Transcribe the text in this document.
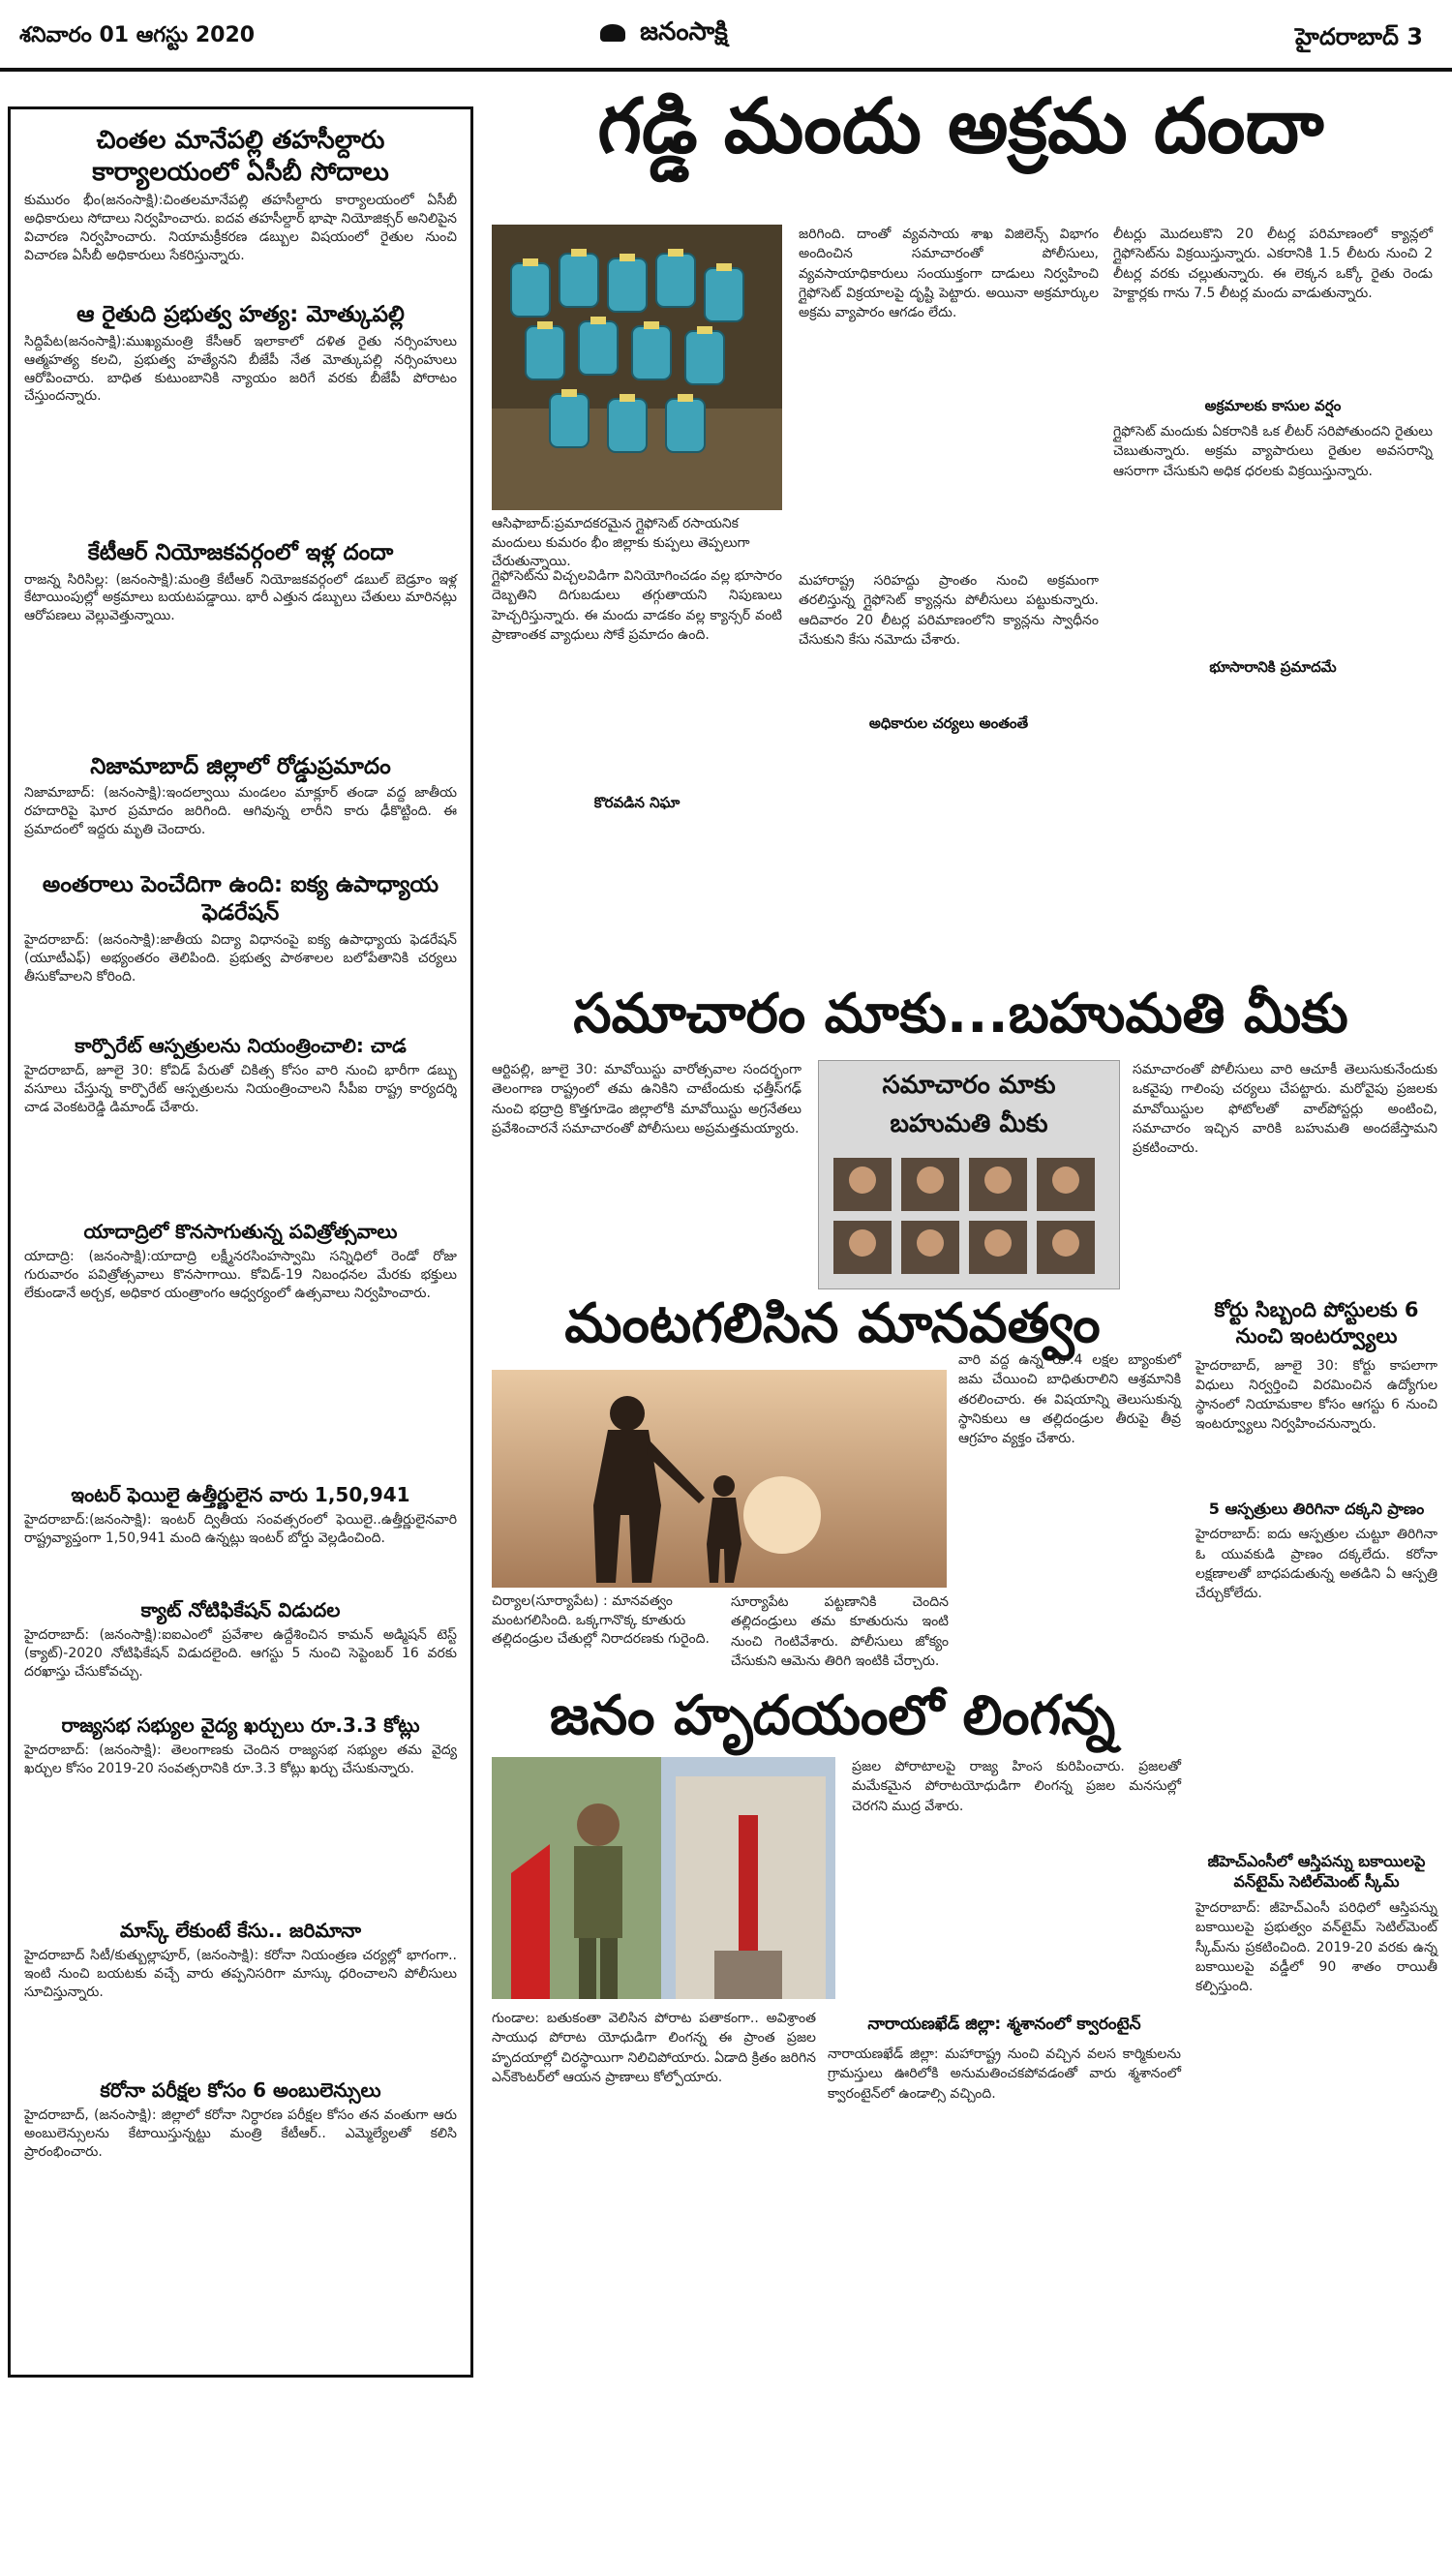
శనివారం 01 ఆగస్టు 2020	జనంసాక్షి	హైదరాబాద్ 3
చింతల మానేపల్లి తహసీల్దారు కార్యాలయంలో ఏసీబీ సోదాలు

కుమురం భీం(జనంసాక్షి):చింతలమానేపల్లి తహసీల్దారు కార్యాలయంలో ఏసీబీ అధికారులు సోదాలు నిర్వహించారు. ఐదవ తహసీల్దార్ భాషా నియోజిక్సర్ అనిలిపైన విచారణ నిర్వహించారు. నియామక్రీకరణ డబ్బుల విషయంలో రైతుల నుంచి విచారణ ఏసీబీ అధికారులు సేకరిస్తున్నారు.

ఆ రైతుది ప్రభుత్వ హత్య: మోత్కుపల్లి

సిద్దిపేట(జనంసాక్షి):ముఖ్యమంత్రి కేసీఆర్ ఇలాకాలో దళిత రైతు నర్సింహులు ఆత్మహత్య కలచి, ప్రభుత్వ హత్యేనని బీజేపీ నేత మోత్కుపల్లి నర్సింహులు ఆరోపించారు. బాధిత కుటుంబానికి న్యాయం జరిగే వరకు బీజేపీ పోరాటం చేస్తుందన్నారు.

కేటీఆర్ నియోజకవర్గంలో ఇళ్ల దందా

రాజన్న సిరిసిల్ల: (జనంసాక్షి):మంత్రి కేటీఆర్ నియోజకవర్గంలో డబుల్ బెడ్రూం ఇళ్ల కేటాయింపుల్లో అక్రమాలు బయటపడ్డాయి. భారీ ఎత్తున డబ్బులు చేతులు మారినట్లు ఆరోపణలు వెల్లువెత్తున్నాయి.

నిజామాబాద్ జిల్లాలో రోడ్డుప్రమాదం

నిజామాబాద్: (జనంసాక్షి):ఇందల్వాయి మండలం మాక్లూర్ తండా వద్ద జాతీయ రహదారిపై ఘోర ప్రమాదం జరిగింది. ఆగివున్న లారీని కారు ఢీకొట్టింది. ఈ ప్రమాదంలో ఇద్దరు మృతి చెందారు.

అంతరాలు పెంచేదిగా ఉంది: ఐక్య ఉపాధ్యాయ ఫెడరేషన్

హైదరాబాద్: (జనంసాక్షి):జాతీయ విద్యా విధానంపై ఐక్య ఉపాధ్యాయ ఫెడరేషన్ (యూటీఎఫ్) అభ్యంతరం తెలిపింది. ప్రభుత్వ పాఠశాలల బలోపేతానికి చర్యలు తీసుకోవాలని కోరింది.

కార్పొరేట్ ఆస్పత్రులను నియంత్రించాలి: చాడ

హైదరాబాద్, జూలై 30: కోవిడ్ పేరుతో చికిత్స కోసం వారి నుంచి భారీగా డబ్బు వసూలు చేస్తున్న కార్పొరేట్ ఆస్పత్రులను నియంత్రించాలని సీపీఐ రాష్ట్ర కార్యదర్శి చాడ వెంకటరెడ్డి డిమాండ్ చేశారు.

యాదాద్రిలో కొనసాగుతున్న పవిత్రోత్సవాలు

యాదాద్రి: (జనంసాక్షి):యాదాద్రి లక్ష్మీనరసింహస్వామి సన్నిధిలో రెండో రోజు గురువారం పవిత్రోత్సవాలు కొనసాగాయి. కోవిడ్-19 నిబంధనల మేరకు భక్తులు లేకుండానే అర్చక, అధికార యంత్రాంగం ఆధ్వర్యంలో ఉత్సవాలు నిర్వహించారు.

ఇంటర్ ఫెయిలై ఉత్తీర్ణులైన వారు 1,50,941

హైదరాబాద్:(జనంసాక్షి): ఇంటర్ ద్వితీయ సంవత్సరంలో ఫెయిలై..ఉత్తీర్ణులైనవారి రాష్ట్రవ్యాప్తంగా 1,50,941 మంది ఉన్నట్లు ఇంటర్ బోర్డు వెల్లడించింది.

క్యాట్ నోటిఫికేషన్ విడుదల

హైదరాబాద్: (జనంసాక్షి):ఐఐఎంలో ప్రవేశాల ఉద్దేశించిన కామన్ అడ్మిషన్ టెస్ట్ (క్యాట్)-2020 నోటిఫికేషన్ విడుదలైంది. ఆగస్టు 5 నుంచి సెప్టెంబర్ 16 వరకు దరఖాస్తు చేసుకోవచ్చు.

రాజ్యసభ సభ్యుల వైద్య ఖర్చులు రూ.3.3 కోట్లు

హైదరాబాద్: (జనంసాక్షి): తెలంగాణకు చెందిన రాజ్యసభ సభ్యుల తమ వైద్య ఖర్చుల కోసం 2019-20 సంవత్సరానికి రూ.3.3 కోట్లు ఖర్చు చేసుకున్నారు.

మాస్క్ లేకుంటే కేసు.. జరిమానా

హైదరాబాద్ సిటీ/కుత్బుల్లాపూర్, (జనంసాక్షి): కరోనా నియంత్రణ చర్యల్లో భాగంగా.. ఇంటి నుంచి బయటకు వచ్చే వారు తప్పనిసరిగా మాస్కు ధరించాలని పోలీసులు సూచిస్తున్నారు.

కరోనా పరీక్షల కోసం 6 అంబులెన్సులు

హైదరాబాద్, (జనంసాక్షి): జిల్లాలో కరోనా నిర్ధారణ పరీక్షల కోసం తన వంతుగా ఆరు అంబులెన్సులను కేటాయిస్తున్నట్టు మంత్రి కేటీఆర్.. ఎమ్మెల్యేలతో కలిసి ప్రారంభించారు.

గడ్డి మందు అక్రమ దందా
ఆసిఫాబాద్:ప్రమాదకరమైన గ్లైఫోసెట్ రసాయనిక మందులు కుమరం భీం జిల్లాకు కుప్పలు తెప్పలుగా చేరుతున్నాయి.
జరిగింది. దాంతో వ్యవసాయ శాఖ విజిలెన్స్ విభాగం అందించిన సమాచారంతో పోలీసులు, వ్యవసాయాధికారులు సంయుక్తంగా దాడులు నిర్వహించి గ్లైఫోసెట్ విక్రయాలపై దృష్టి పెట్టారు. అయినా అక్రమార్కుల అక్రమ వ్యాపారం ఆగడం లేదు.
లీటర్లు మొదలుకొని 20 లీటర్ల పరిమాణంలో క్యాన్లలో గ్లైఫోసెట్‌ను విక్రయిస్తున్నారు. ఎకరానికి 1.5 లీటరు నుంచి 2 లీటర్ల వరకు చల్లుతున్నారు. ఈ లెక్కన ఒక్కో రైతు రెండు హెక్టార్లకు గాను 7.5 లీటర్ల మందు వాడుతున్నారు.
అక్రమాలకు కాసుల వర్షం
గ్లైఫోసెట్ మందుకు ఏకరానికి ఒక లీటర్ సరిపోతుందని రైతులు చెబుతున్నారు. అక్రమ వ్యాపారులు రైతుల అవసరాన్ని ఆసరాగా చేసుకుని అధిక ధరలకు విక్రయిస్తున్నారు.
భూసారానికి ప్రమాదమే
గ్లైఫోసెట్‌ను విచ్చలవిడిగా వినియోగించడం వల్ల భూసారం దెబ్బతిని దిగుబడులు తగ్గుతాయని నిపుణులు హెచ్చరిస్తున్నారు. ఈ మందు వాడకం వల్ల క్యాన్సర్ వంటి ప్రాణాంతక వ్యాధులు సోకే ప్రమాదం ఉంది.
మహారాష్ట్ర సరిహద్దు ప్రాంతం నుంచి అక్రమంగా తరలిస్తున్న గ్లైఫోసెట్ క్యాన్లను పోలీసులు పట్టుకున్నారు. ఆదివారం 20 లీటర్ల పరిమాణంలోని క్యాన్లను స్వాధీనం చేసుకుని కేసు నమోదు చేశారు.
అధికారుల చర్యలు అంతంతే
కొరవడిన నిఘా
సమాచారం మాకు...బహుమతి మీకు
ఆర్టిపల్లి, జూలై 30: మావోయిస్టు వారోత్సవాల సందర్భంగా తెలంగాణ రాష్ట్రంలో తమ ఉనికిని చాటేందుకు ఛత్తీస్‌గఢ్ నుంచి భద్రాద్రి కొత్తగూడెం జిల్లాలోకి మావోయిస్టు అగ్రనేతలు ప్రవేశించారనే సమాచారంతో పోలీసులు అప్రమత్తమయ్యారు.
సమాచారం మాకు
బహుమతి మీకు
సమాచారంతో పోలీసులు వారి ఆచూకీ తెలుసుకునేందుకు ఒకవైపు గాలింపు చర్యలు చేపట్టారు. మరోవైపు ప్రజలకు మావోయిస్టుల ఫోటోలతో వాల్‌పోస్టర్లు అంటించి, సమాచారం ఇచ్చిన వారికి బహుమతి అందజేస్తామని ప్రకటించారు.
మంటగలిసిన మానవత్వం
చిర్యాల(సూర్యాపేట) : మానవత్వం మంటగలిసింది. ఒక్కగానొక్క కూతురు తల్లిదండ్రుల చేతుల్లో నిరాదరణకు గురైంది.
సూర్యాపేట పట్టణానికి చెందిన తల్లిదండ్రులు తమ కూతురును ఇంటి నుంచి గెంటివేశారు. పోలీసులు జోక్యం చేసుకుని ఆమెను తిరిగి ఇంటికి చేర్చారు.
వారి వద్ద ఉన్న రూ.4 లక్షల బ్యాంకులో జమ చేయించి బాధితురాలిని ఆశ్రమానికి తరలించారు. ఈ విషయాన్ని తెలుసుకున్న స్థానికులు ఆ తల్లిదండ్రుల తీరుపై తీవ్ర ఆగ్రహం వ్యక్తం చేశారు.
కోర్టు సిబ్బంది పోస్టులకు 6 నుంచి ఇంటర్వ్యూలు
హైదరాబాద్, జూలై 30: కోర్టు కాపలాగా విధులు నిర్వర్తించి విరమించిన ఉద్యోగుల స్థానంలో నియామకాల కోసం ఆగస్టు 6 నుంచి ఇంటర్వ్యూలు నిర్వహించనున్నారు.
5 ఆస్పత్రులు తిరిగినా దక్కని ప్రాణం
హైదరాబాద్: ఐదు ఆస్పత్రుల చుట్టూ తిరిగినా ఓ యువకుడి ప్రాణం దక్కలేదు. కరోనా లక్షణాలతో బాధపడుతున్న అతడిని ఏ ఆస్పత్రి చేర్చుకోలేదు.
జీహెచ్ఎంసీలో ఆస్తిపన్ను బకాయిలపై వన్‌టైమ్ సెటిల్‌మెంట్ స్కీమ్
హైదరాబాద్: జీహెచ్ఎంసీ పరిధిలో ఆస్తిపన్ను బకాయిలపై ప్రభుత్వం వన్‌టైమ్ సెటిల్‌మెంట్ స్కీమ్‌ను ప్రకటించింది. 2019-20 వరకు ఉన్న బకాయిలపై వడ్డీలో 90 శాతం రాయితీ కల్పిస్తుంది.
జనం హృదయంలో లింగన్న
ప్రజల పోరాటాలపై రాజ్య హింస కురిపించారు. ప్రజలతో మమేకమైన పోరాటయోధుడిగా లింగన్న ప్రజల మనసుల్లో చెరగని ముద్ర వేశారు.
గుండాల: బతుకంతా వెలిసిన పోరాట పతాకంగా.. అవిశ్రాంత సాయుధ పోరాట యోధుడిగా లింగన్న ఈ ప్రాంత ప్రజల హృదయాల్లో చిరస్థాయిగా నిలిచిపోయారు. ఏడాది క్రితం జరిగిన ఎన్‌కౌంటర్‌లో ఆయన ప్రాణాలు కోల్పోయారు.
నారాయణఖేడ్ జిల్లా: శ్మశానంలో క్వారంటైన్
నారాయణఖేడ్ జిల్లా: మహారాష్ట్ర నుంచి వచ్చిన వలస కార్మికులను గ్రామస్తులు ఊరిలోకి అనుమతించకపోవడంతో వారు శ్మశానంలో క్వారంటైన్‌లో ఉండాల్సి వచ్చింది.
